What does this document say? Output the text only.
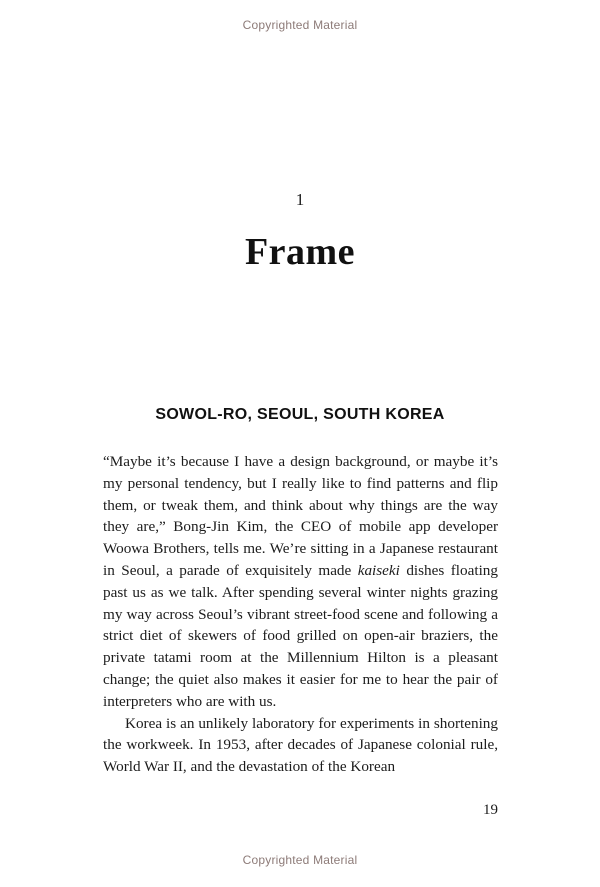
Copyrighted Material
1
Frame
SOWOL-RO, SEOUL, SOUTH KOREA

“Maybe it’s because I have a design background, or maybe it’s my personal tendency, but I really like to find patterns and flip them, or tweak them, and think about why things are the way they are,” Bong-Jin Kim, the CEO of mobile app developer Woowa Brothers, tells me. We’re sitting in a Japanese restaurant in Seoul, a parade of exquisitely made kaiseki dishes floating past us as we talk. After spending several winter nights grazing my way across Seoul’s vibrant street-food scene and following a strict diet of skewers of food grilled on open-air braziers, the private tatami room at the Millennium Hilton is a pleasant change; the quiet also makes it easier for me to hear the pair of interpreters who are with us.

Korea is an unlikely laboratory for experiments in shortening the workweek. In 1953, after decades of Japanese colonial rule, World War II, and the devastation of the Korean

19
Copyrighted Material
